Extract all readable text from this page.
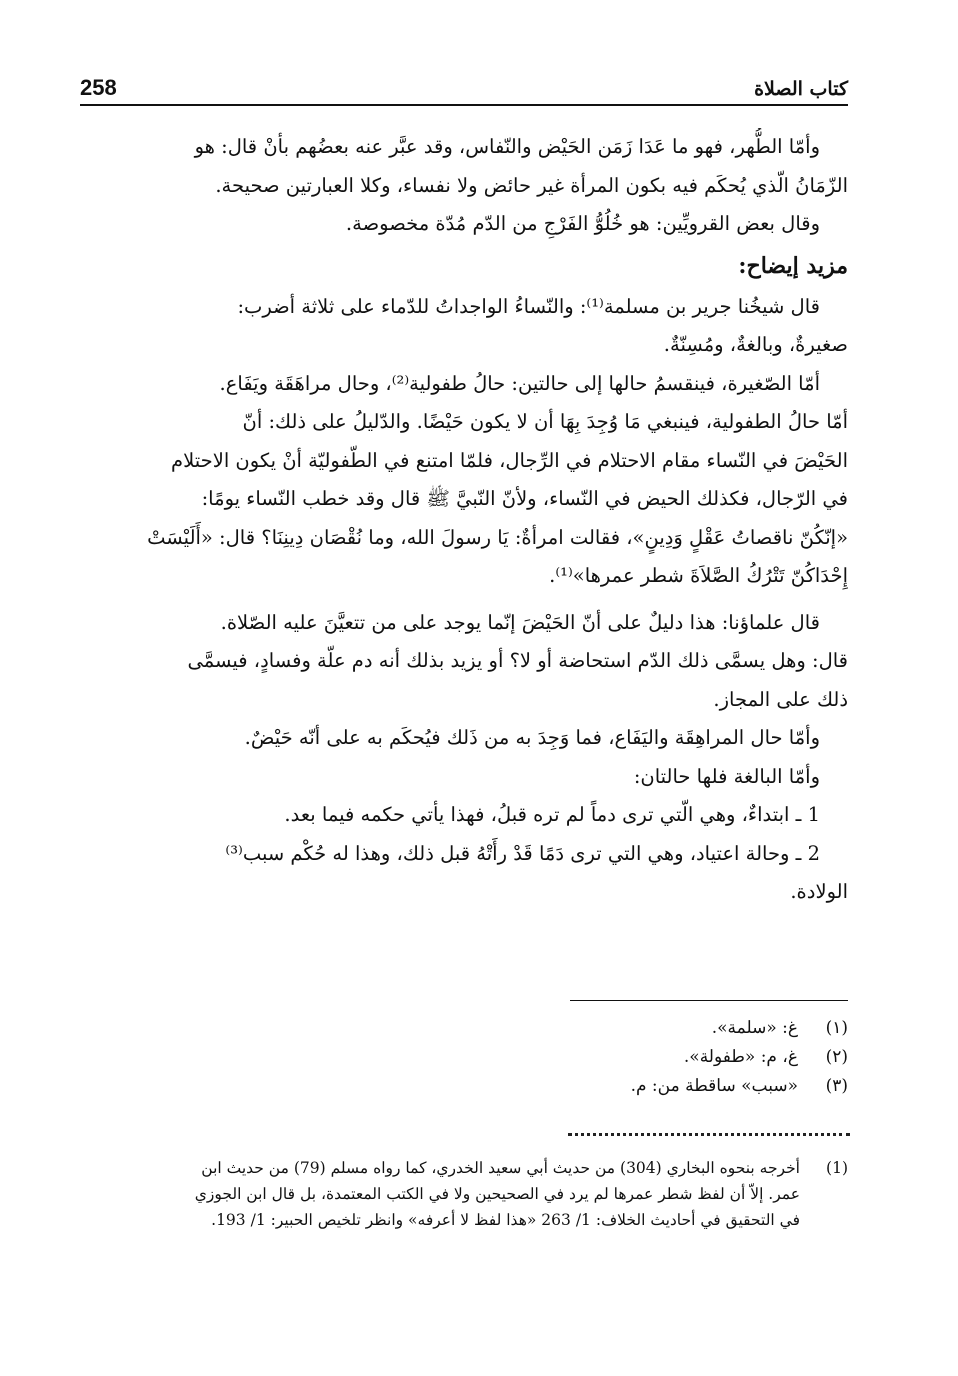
258	كتاب الصلاة
وأمّا الطُّهر، فهو ما عَدَا زَمَن الحَيْض والنّفاس، وقد عبَّر عنه بعضُهم بأنْ قال: هو
الزّمَانُ الّذي يُحكَم فيه بكون المرأة غير حائض ولا نفساء، وكلا العبارتين صحيحة.
وقال بعض القرويِّين: هو خُلُوُّ الفَرْجِ من الدّم مُدّة مخصوصة.
مزيد إيضاح:
قال شيخُنا جرير بن مسلمة⁽¹⁾: والنّساءُ الواجداتُ للدّماء على ثلاثة أضرب:
صغيرةٌ، وبالغةٌ، ومُسِنّةٌ.
أمّا الصّغيرة، فينقسمُ حالها إلى حالتين: حالُ طفولية⁽²⁾، وحال مراهَقَة ويَفَاع.
أمّا حالُ الطفولية، فينبغي مَا وُجِدَ بِهَا أن لا يكون حَيْضًا. والدّليلُ على ذلك: أنّ
الحَيْضَ في النّساء مقام الاحتلام في الرِّجال، فلمّا امتنع في الطّفوليّة أنْ يكون الاحتلام
في الرّجال، فكذلك الحيض في النّساء، ولأنّ النّبيَّ ﷺ قال وقد خطب النّساء يومًا:
«إنّكُنّ ناقصاتُ عَقْلٍ وَدِينٍ»، فقالت امرأةٌ: يَا رسولَ الله، وما نُقْصَان دِينِنَا؟ قال: «أَلَيْسَتْ
إِحْدَاكُنّ تَتْرُكُ الصَّلاَةَ شطر عمرها»⁽¹⁾.
قال علماؤنا: هذا دليلٌ على أنّ الحَيْضَ إنّما يوجد على من تتعيَّنَ عليه الصّلاة.
قال: وهل يسمَّى ذلك الدّم استحاضة أو لا؟ أو يزيد بذلك أنه دم علّة وفسادٍ، فيسمَّى
ذلك على المجاز.
وأمّا حال المراهِقَة واليَفَاع، فما وَجِدَ به من ذَلك فيُحكَم به على أنّه حَيْضٌ.
وأمّا البالغة فلها حالتان:
1 ـ ابتداءٌ، وهي الّتي ترى دماً لم تره قبلُ، فهذا يأتي حكمه فيما بعد.
2 ـ وحالة اعتياد، وهي التي ترى دَمًا قَدْ رأَتْهُ قبل ذلك، وهذا له حُكْم سبب⁽³⁾
الولادة.
(١)
غ: «سلمة».
(٢)
غ، م: «طفولة».
(٣)
«سبب» ساقطة من: م.
(1)
أخرجه بنحوه البخاري (304) من حديث أبي سعيد الخدري، كما رواه مسلم (79) من حديث ابن
عمر. إلاّ أن لفظ شطر عمرها لم يرد في الصحيحين ولا في الكتب المعتمدة، بل قال ابن الجوزي
في التحقيق في أحاديث الخلاف: 1/ 263 «هذا لفظ لا أعرفه» وانظر تلخيص الحبير: 1/ 193.
